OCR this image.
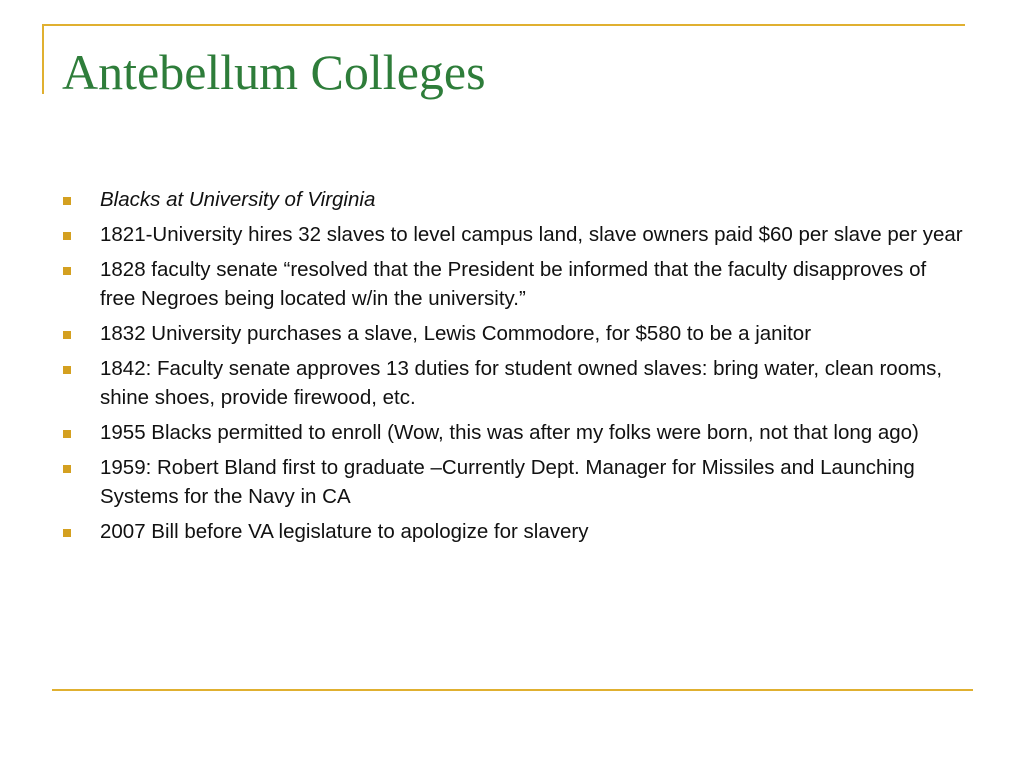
Antebellum Colleges
Blacks at University of Virginia
1821-University hires 32 slaves to level campus land, slave owners paid $60 per slave per year
1828 faculty senate “resolved that the President be informed that the faculty disapproves of free Negroes being located w/in the university.”
1832 University purchases a slave, Lewis Commodore, for $580 to be a janitor
1842: Faculty senate approves 13 duties for student owned slaves: bring water, clean rooms, shine shoes, provide firewood, etc.
1955 Blacks permitted to enroll (Wow, this was after my folks were born, not that long ago)
1959: Robert Bland first to graduate –Currently Dept. Manager for Missiles and Launching Systems for the Navy in CA
2007 Bill before VA legislature to apologize for slavery
